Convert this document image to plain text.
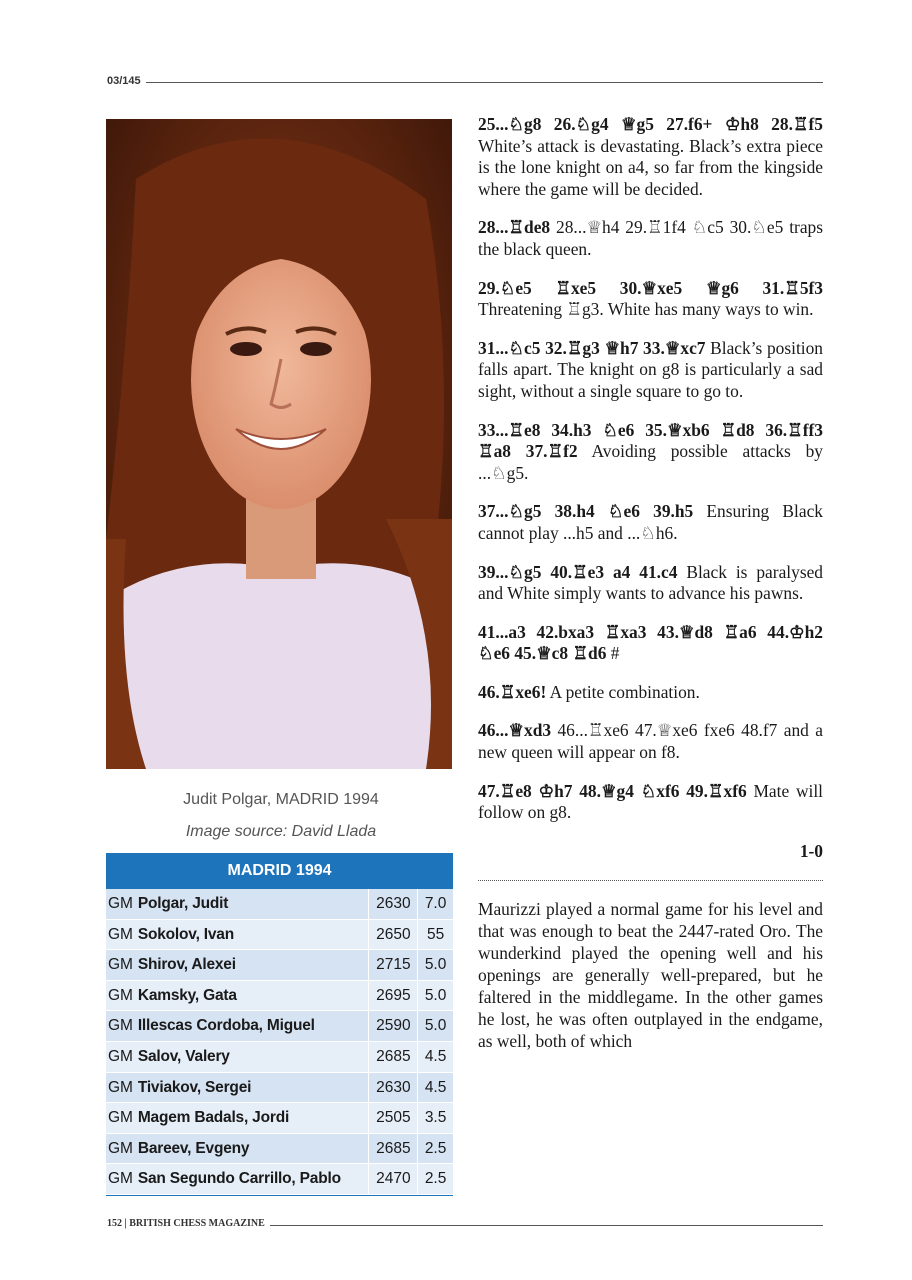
03/145
Judit Polgar, MADRID 1994
Image source: David Llada
MADRID 1994
GM Polgar, Judit	2630 7.0
GM Sokolov, Ivan	2650	55
GM Shirov, Alexei	2715 5.0
GM Kamsky, Gata	2695 5.0
GM Illescas Cordoba, Miguel	2590 5.0
GM Salov, Valery	2685 4.5
GM Tiviakov, Sergei	2630 4.5
GM Magem Badals, Jordi	2505 3.5
GM Bareev, Evgeny	2685 2.5
GM San Segundo Carrillo, Pablo	2470 2.5

25...♘g8 26.♘g4 ♕g5 27.f6+ ♔h8 28.♖f5 White’s attack is devastating. Black’s extra piece is the lone knight on a4, so far from the kingside where the game will be decided.

28...♖de8 28...♕h4 29.♖1f4 ♘c5 30.♘e5 traps the black queen.

29.♘e5 ♖xe5 30.♕xe5 ♕g6 31.♖5f3 Threatening ♖g3. White has many ways to win.

31...♘c5 32.♖g3 ♕h7 33.♕xc7 Black’s position falls apart. The knight on g8 is particularly a sad sight, without a single square to go to.

33...♖e8 34.h3 ♘e6 35.♕xb6 ♖d8 36.♖ff3 ♖a8 37.♖f2 Avoiding possible attacks by ...♘g5.

37...♘g5 38.h4 ♘e6 39.h5 Ensuring Black cannot play ...h5 and ...♘h6.

39...♘g5 40.♖e3 a4 41.c4 Black is paralysed and White simply wants to advance his pawns.

41...a3 42.bxa3 ♖xa3 43.♕d8 ♖a6 44.♔h2 ♘e6 45.♕c8 ♖d6 #

46.♖xe6! A petite combination.

46...♕xd3 46...♖xe6 47.♕xe6 fxe6 48.f7 and a new queen will appear on f8.

47.♖e8 ♔h7 48.♕g4 ♘xf6 49.♖xf6 Mate will follow on g8.

1-0

Maurizzi played a normal game for his level and that was enough to beat the 2447-rated Oro. The wunderkind played the opening well and his openings are generally well-prepared, but he faltered in the middlegame. In the other games he lost, he was often outplayed in the endgame, as well, both of which

152 | BRITISH CHESS MAGAZINE
